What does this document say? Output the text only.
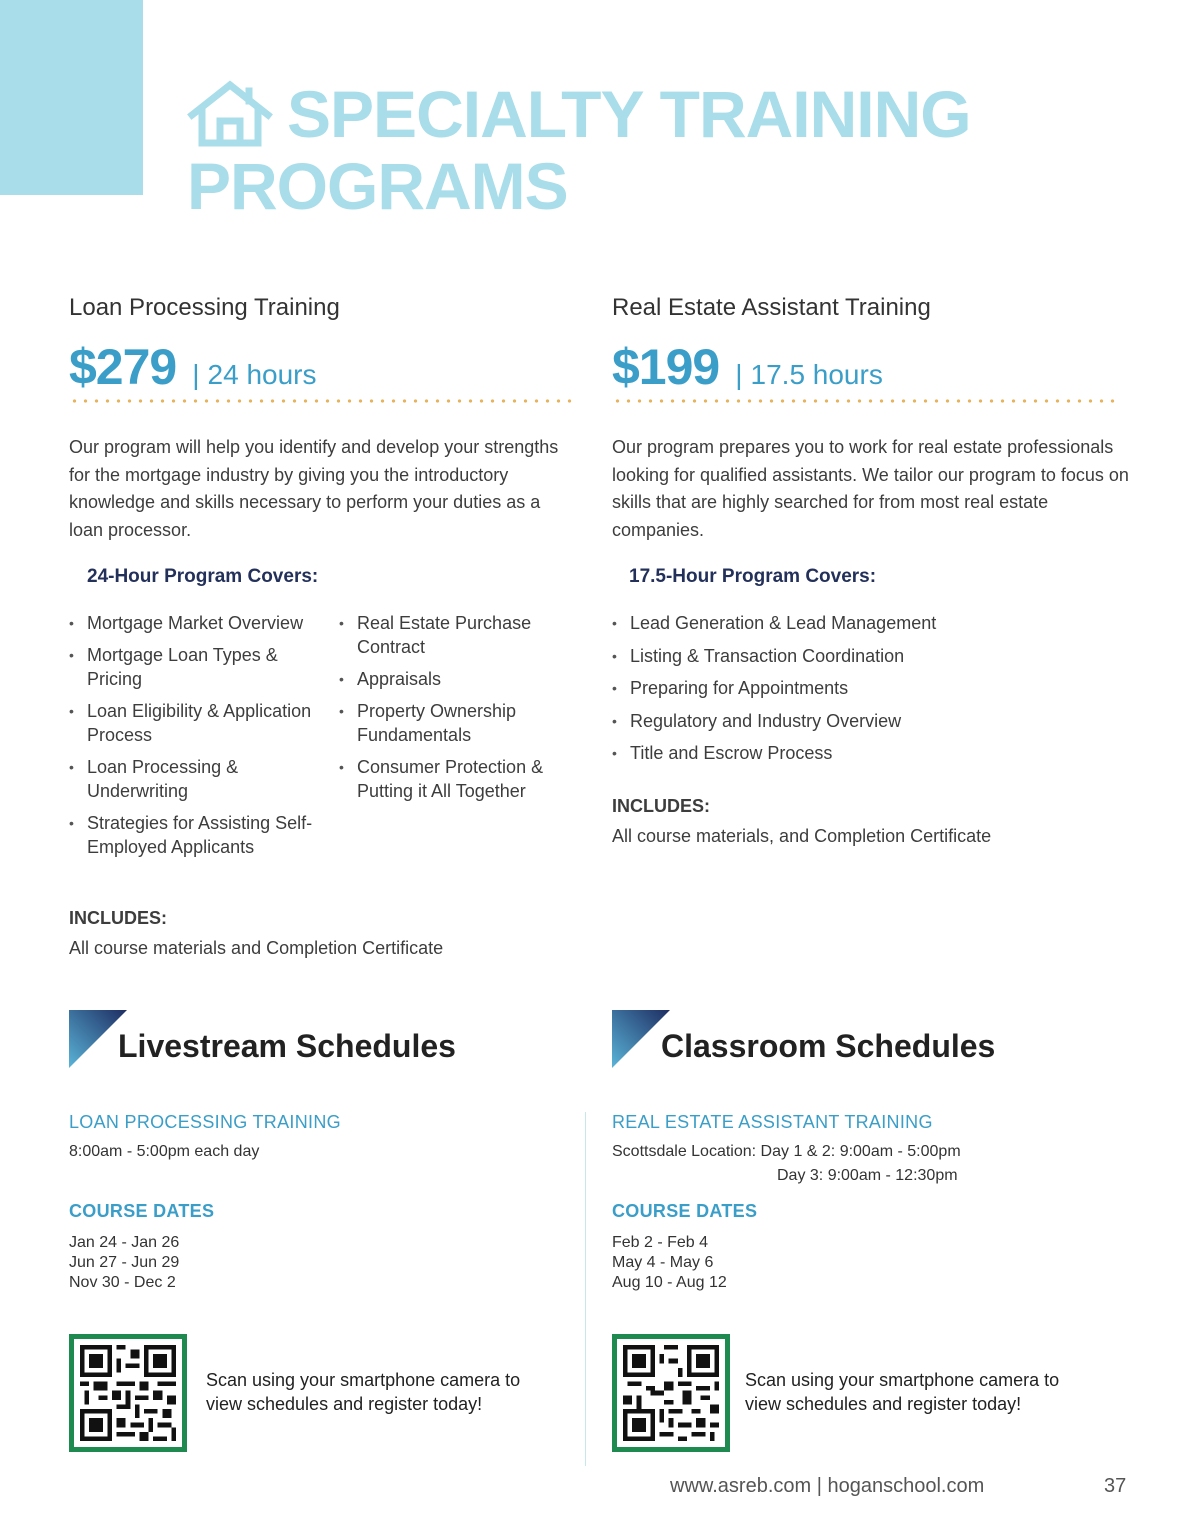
SPECIALTY TRAINING
PROGRAMS
Loan Processing Training
$279 | 24 hours
Our program will help you identify and develop your strengths for the mortgage industry by giving you the introductory knowledge and skills necessary to perform your duties as a loan processor.
24-Hour Program Covers:
• Mortgage Market Overview
• Mortgage Loan Types & Pricing
• Loan Eligibility & Application Process
• Loan Processing & Underwriting
• Strategies for Assisting Self-Employed Applicants
• Real Estate Purchase Contract
• Appraisals
• Property Ownership Fundamentals
• Consumer Protection & Putting it All Together
INCLUDES:
All course materials and Completion Certificate
Real Estate Assistant Training
$199 | 17.5 hours
Our program prepares you to work for real estate professionals looking for qualified assistants. We tailor our program to focus on skills that are highly searched for from most real estate companies.
17.5-Hour Program Covers:
• Lead Generation & Lead Management
• Listing & Transaction Coordination
• Preparing for Appointments
• Regulatory and Industry Overview
• Title and Escrow Process
INCLUDES:
All course materials, and Completion Certificate
Livestream Schedules	Classroom Schedules
LOAN PROCESSING TRAINING
8:00am - 5:00pm each day
COURSE DATES
Jan 24 - Jan 26
Jun 27 - Jun 29
Nov 30 - Dec 2
REAL ESTATE ASSISTANT TRAINING
Scottsdale Location: Day 1 & 2: 9:00am - 5:00pm
Day 3: 9:00am - 12:30pm
COURSE DATES
Feb 2 - Feb 4
May 4 - May 6
Aug 10 - Aug 12
Scan using your smartphone camera to
view schedules and register today!
Scan using your smartphone camera to
view schedules and register today!
www.asreb.com | hoganschool.com	37
